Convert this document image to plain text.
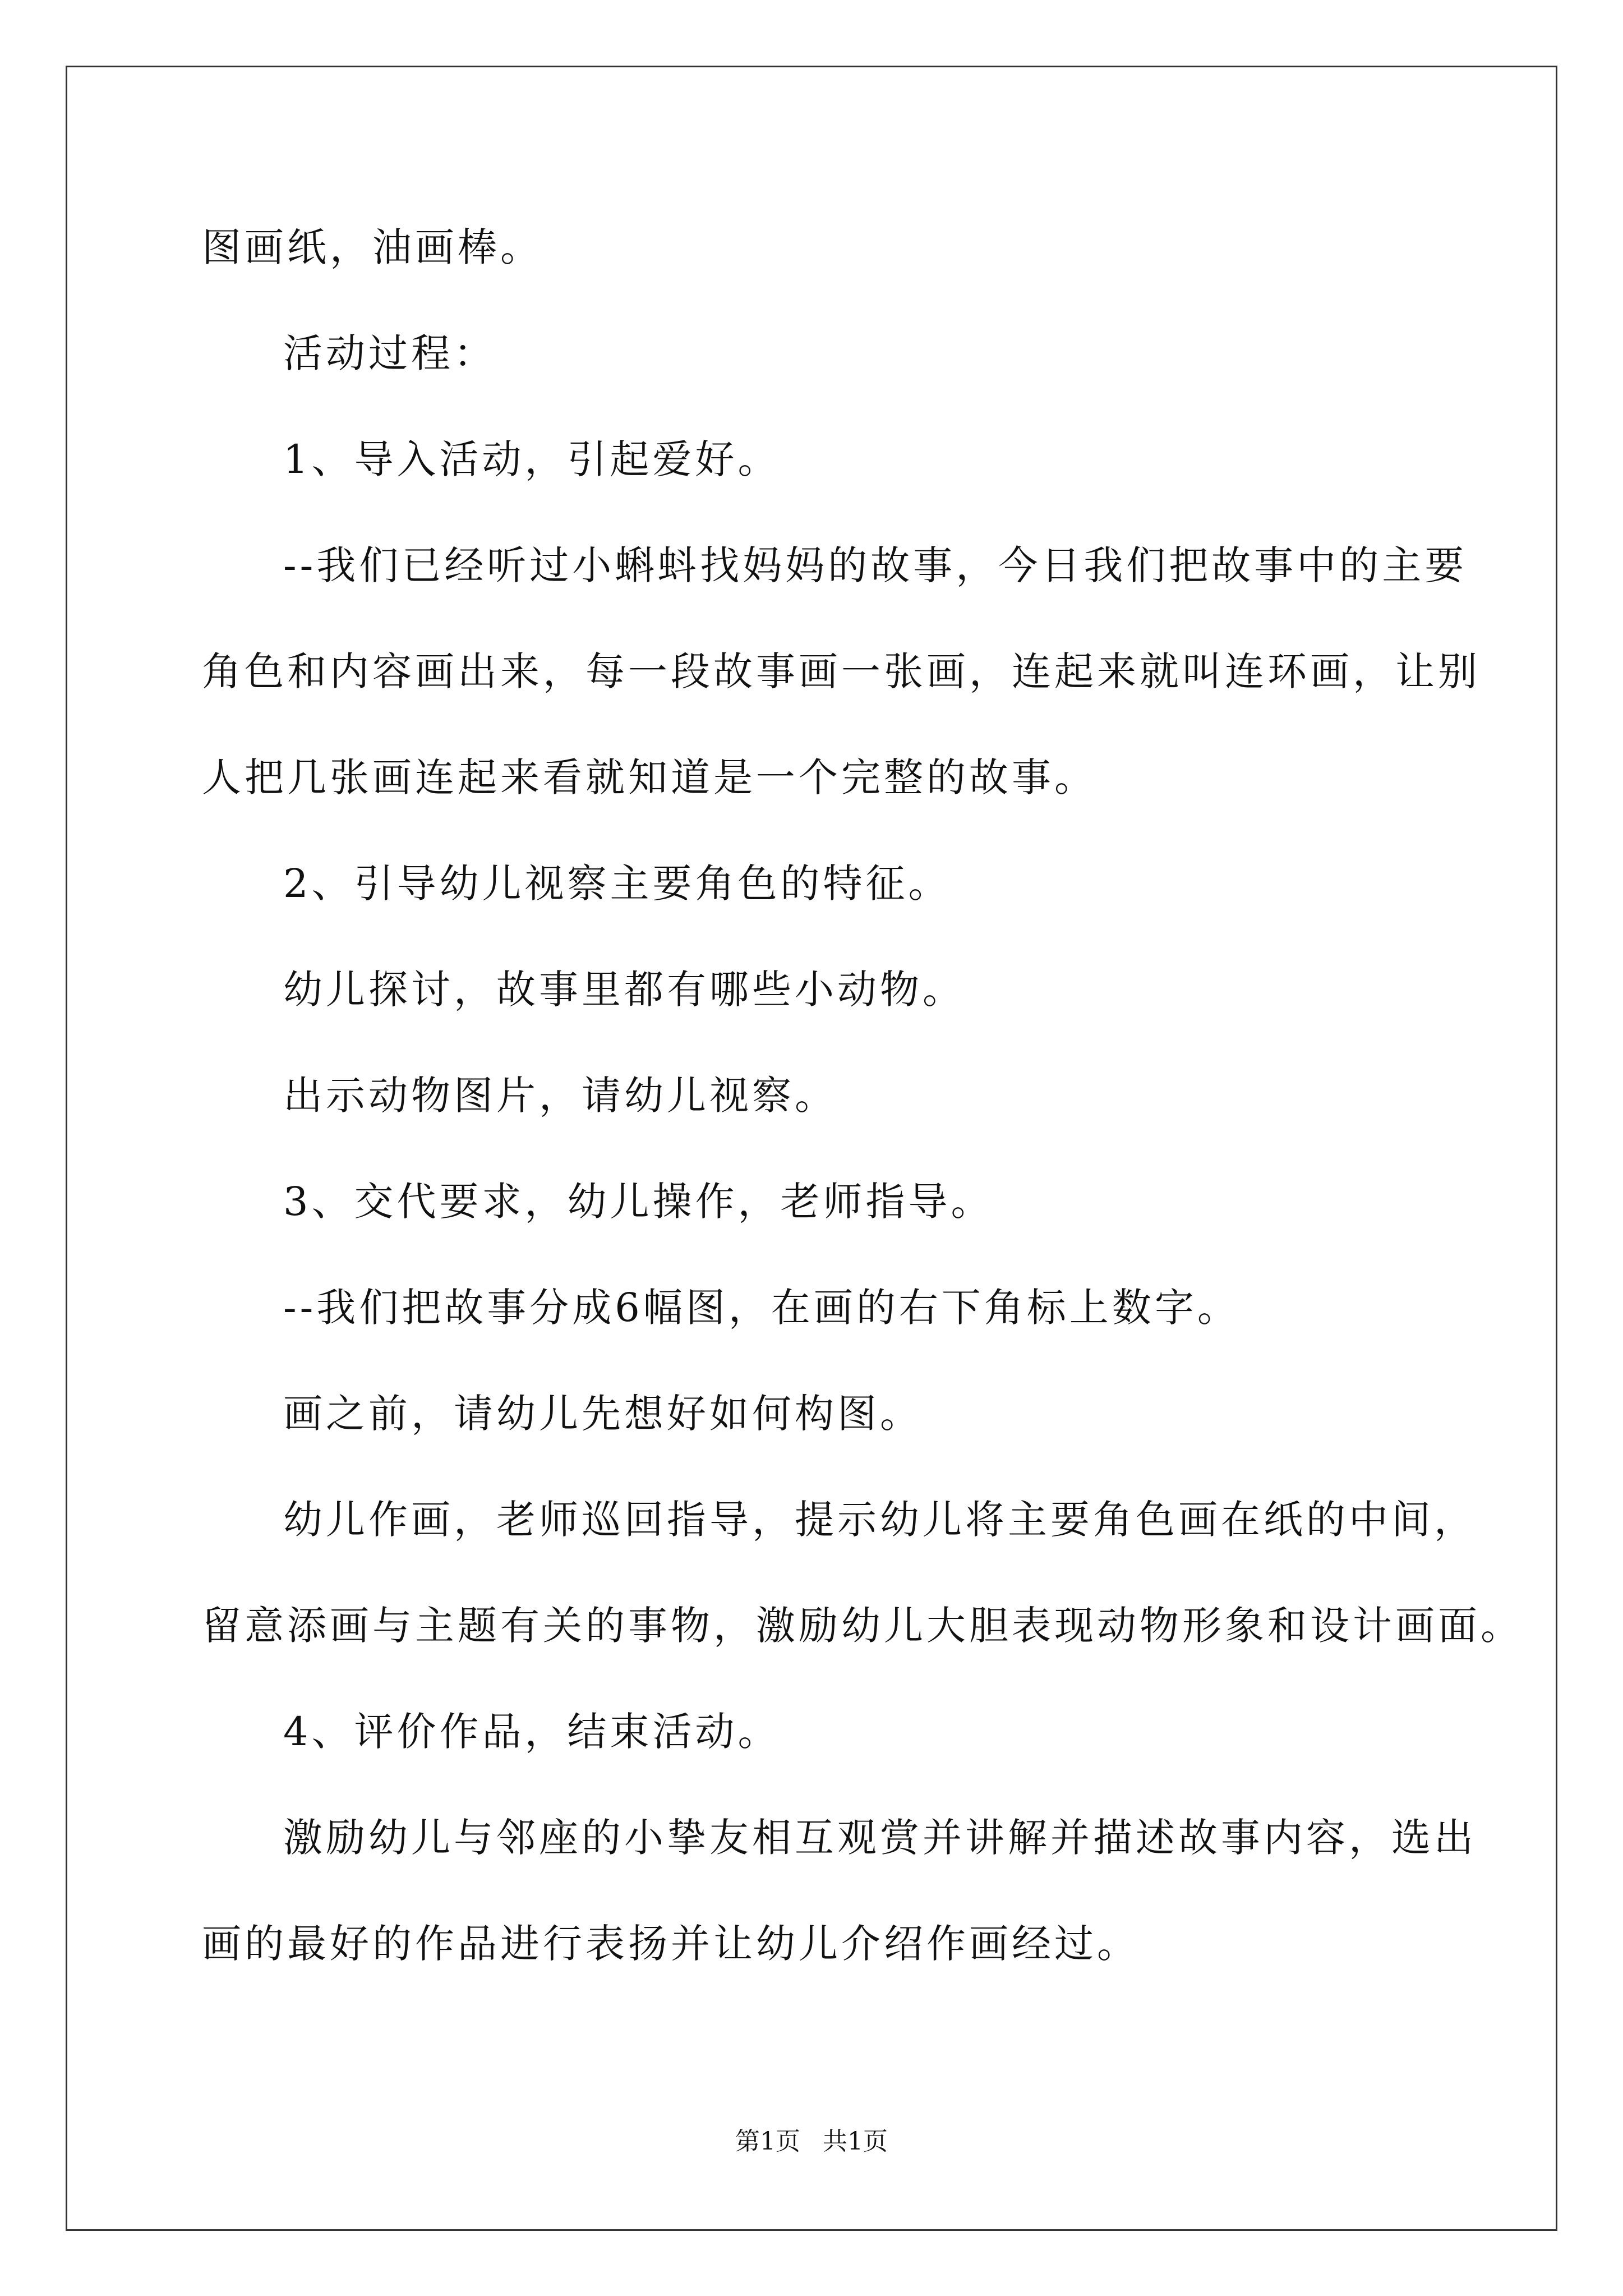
图画纸，油画棒。
活动过程：
1、导入活动，引起爱好。
--我们已经听过小蝌蚪找妈妈的故事，今日我们把故事中的主要
角色和内容画出来，每一段故事画一张画，连起来就叫连环画，让别
人把几张画连起来看就知道是一个完整的故事。
2、引导幼儿视察主要角色的特征。
幼儿探讨，故事里都有哪些小动物。
出示动物图片，请幼儿视察。
3、交代要求，幼儿操作，老师指导。
--我们把故事分成6幅图，在画的右下角标上数字。
画之前，请幼儿先想好如何构图。
幼儿作画，老师巡回指导，提示幼儿将主要角色画在纸的中间，
留意添画与主题有关的事物，激励幼儿大胆表现动物形象和设计画面。
4、评价作品，结束活动。
激励幼儿与邻座的小挚友相互观赏并讲解并描述故事内容，选出
画的最好的作品进行表扬并让幼儿介绍作画经过。
第1页 共1页
